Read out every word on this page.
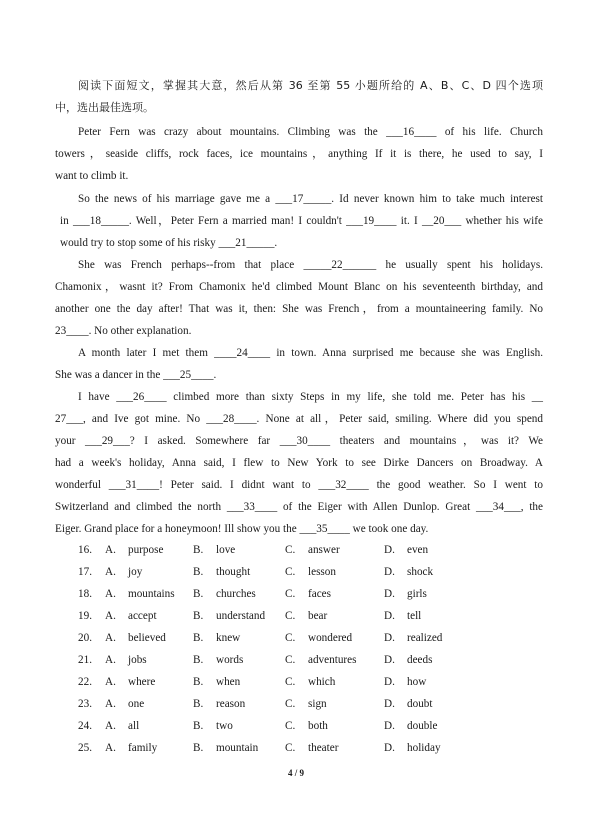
阅读下面短文，掌握其大意，然后从第 36 至第 55 小题所给的 A、B、C、D 四个选项
中，选出最佳选项。
Peter Fern was crazy about mountains. Climbing was the ___16____ of his life. Church
towers，seaside cliffs, rock faces, ice mountains，anything If it is there, he used to say, I
want to climb it.
So the news of his marriage gave me a ___17_____. Id never known him to take much interest
in ___18_____. Well，Peter Fern a married man! I couldn't ___19____ it. I __20___ whether his wife
would try to stop some of his risky ___21_____.
She was French perhaps--from that place _____22______ he usually spent his holidays.
Chamonix，wasnt it? From Chamonix he'd climbed Mount Blanc on his seventeenth birthday, and
another one the day after! That was it, then: She was French，from a mountaineering family. No
23____. No other explanation.
A month later I met them ____24____ in town. Anna surprised me because she was English.
She was a dancer in the ___25____.
I have ___26____ climbed more than sixty Steps in my life, she told me. Peter has his __
27___, and Ive got mine. No ___28____. None at all，Peter said, smiling. Where did you spend
your ___29___? I asked. Somewhere far ___30____ theaters and mountains，was it? We
had a week's holiday, Anna said, I flew to New York to see Dirke Dancers on Broadway. A
wonderful ___31____! Peter said. I didnt want to ___32____ the good weather. So I went to
Switzerland and climbed the north ___33____ of the Eiger with Allen Dunlop. Great ___34___, the
Eiger. Grand place for a honeymoon! Ill show you the ___35____ we took one day.
16. A. purpose	B. love	C. answer	D. even
17. A. joy	B. thought	C. lesson	D. shock
18. A. mountains B. churches	C. faces	D. girls
19. A. accept	B. understand C. bear	D. tell
20. A. believed B. knew	C. wondered	D. realized
21. A. jobs	B. words	C. adventures D. deeds
22. A. where	B. when	C. which	D. how
23. A. one	B. reason	C. sign	D. doubt
24. A. all	B. two	C. both	D. double
25. A. family	B. mountain C. theater	D. holiday
4 / 9
